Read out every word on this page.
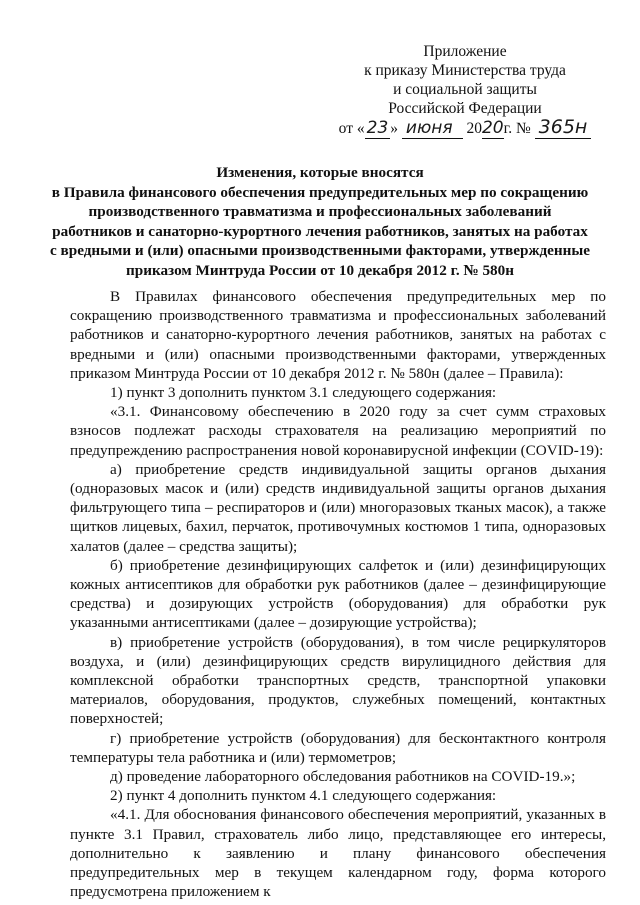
Приложение
к приказу Министерства труда
и социальной защиты
Российской Федерации
от « 23 » июня 2020г. № 365н
Изменения, которые вносятся
в Правила финансового обеспечения предупредительных мер по сокращению
производственного травматизма и профессиональных заболеваний
работников и санаторно-курортного лечения работников, занятых на работах
с вредными и (или) опасными производственными факторами, утвержденные
приказом Минтруда России от 10 декабря 2012 г. № 580н

В Правилах финансового обеспечения предупредительных мер по сокращению производственного травматизма и профессиональных заболеваний работников и санаторно-курортного лечения работников, занятых на работах с вредными и (или) опасными производственными факторами, утвержденных приказом Минтруда России от 10 декабря 2012 г. № 580н (далее – Правила):

1) пункт 3 дополнить пунктом 3.1 следующего содержания:

«3.1. Финансовому обеспечению в 2020 году за счет сумм страховых взносов подлежат расходы страхователя на реализацию мероприятий по предупреждению распространения новой коронавирусной инфекции (COVID-19):

а) приобретение средств индивидуальной защиты органов дыхания (одноразовых масок и (или) средств индивидуальной защиты органов дыхания фильтрующего типа – респираторов и (или) многоразовых тканых масок), а также щитков лицевых, бахил, перчаток, противочумных костюмов 1 типа, одноразовых халатов (далее – средства защиты);

б) приобретение дезинфицирующих салфеток и (или) дезинфицирующих кожных антисептиков для обработки рук работников (далее – дезинфицирующие средства) и дозирующих устройств (оборудования) для обработки рук указанными антисептиками (далее – дозирующие устройства);

в) приобретение устройств (оборудования), в том числе рециркуляторов воздуха, и (или) дезинфицирующих средств вирулицидного действия для комплексной обработки транспортных средств, транспортной упаковки материалов, оборудования, продуктов, служебных помещений, контактных поверхностей;

г) приобретение устройств (оборудования) для бесконтактного контроля температуры тела работника и (или) термометров;

д) проведение лабораторного обследования работников на COVID-19.»;

2) пункт 4 дополнить пунктом 4.1 следующего содержания:

«4.1. Для обоснования финансового обеспечения мероприятий, указанных в пункте 3.1 Правил, страхователь либо лицо, представляющее его интересы, дополнительно к заявлению и плану финансового обеспечения предупредительных мер в текущем календарном году, форма которого предусмотрена приложением к
